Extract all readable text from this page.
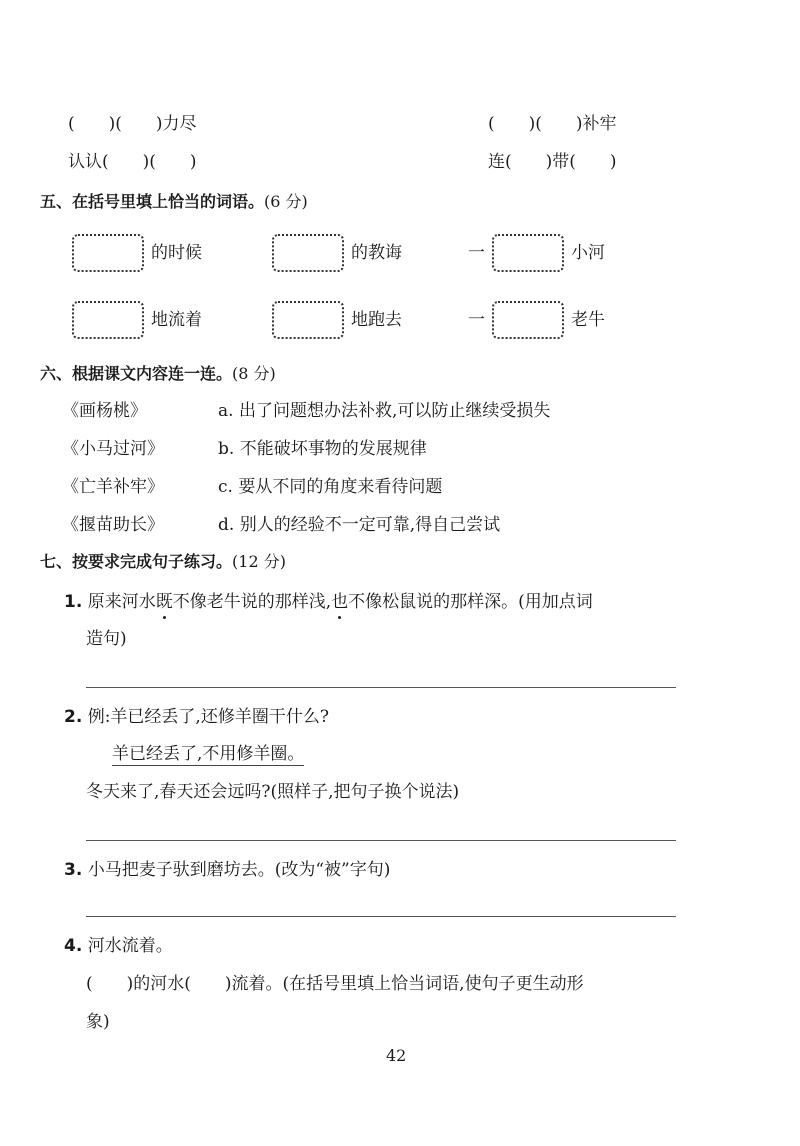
(　　)(　　)力尽	(　　)(　　)补牢
认认(　　)(　　)	连(　　)带(　　)
五、在括号里填上恰当的词语。(6 分)
的时候	的教诲	一	小河
地流着	地跑去	一	老牛
六、根据课文内容连一连。(8 分)
《画杨桃》	a. 出了问题想办法补救,可以防止继续受损失
《小马过河》	b. 不能破坏事物的发展规律
《亡羊补牢》	c. 要从不同的角度来看待问题
《揠苗助长》	d. 别人的经验不一定可靠,得自己尝试
七、按要求完成句子练习。(12 分)
1. 原来河水既不像老牛说的那样浅,也不像松鼠说的那样深。(用加点词
造句)
2. 例:羊已经丢了,还修羊圈干什么?
羊已经丢了,不用修羊圈。
冬天来了,春天还会远吗?(照样子,把句子换个说法)
3. 小马把麦子驮到磨坊去。(改为“被”字句)
4. 河水流着。
(　　)的河水(　　)流着。(在括号里填上恰当词语,使句子更生动形
象)
42
